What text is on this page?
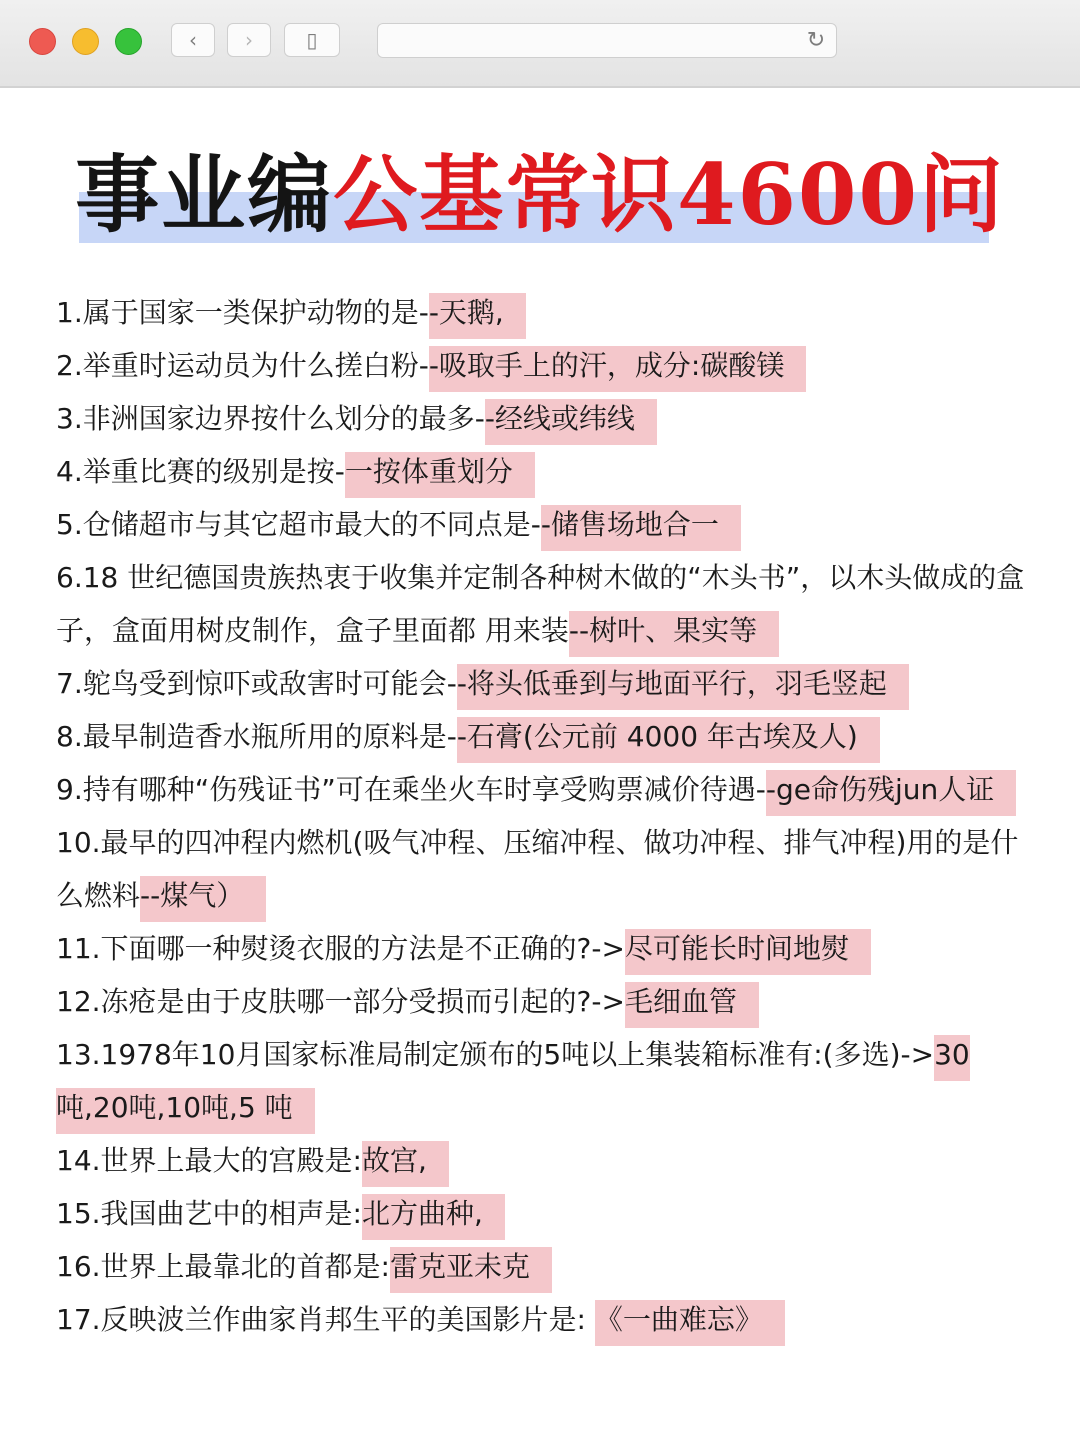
‹	›	▯	↻
事业编公基常识4600问
1.属于国家一类保护动物的是--天鹅,
2.举重时运动员为什么搓白粉--吸取手上的汗，成分:碳酸镁
3.非洲国家边界按什么划分的最多--经线或纬线
4.举重比赛的级别是按-一按体重划分
5.仓储超市与其它超市最大的不同点是--储售场地合一
6.18 世纪德国贵族热衷于收集并定制各种树木做的“木头书”，以木头做成的盒子，盒面用树皮制作，盒子里面都 用来装--树叶、果实等
7.鸵鸟受到惊吓或敌害时可能会--将头低垂到与地面平行，羽毛竖起
8.最早制造香水瓶所用的原料是--石膏(公元前 4000 年古埃及人)
9.持有哪种“伤残证书”可在乘坐火车时享受购票减价待遇--ge命伤残jun人证
10.最早的四冲程内燃机(吸气冲程、压缩冲程、做功冲程、排气冲程)用的是什么燃料--煤气）
11.下面哪一种熨烫衣服的方法是不正确的?->尽可能长时间地熨
12.冻疮是由于皮肤哪一部分受损而引起的?->毛细血管
13.1978年10月国家标准局制定颁布的5吨以上集装箱标准有:(多选)->30吨,20吨,10吨,5 吨
14.世界上最大的宫殿是:故宫,
15.我国曲艺中的相声是:北方曲种,
16.世界上最靠北的首都是:雷克亚未克
17.反映波兰作曲家肖邦生平的美国影片是: 《一曲难忘》
